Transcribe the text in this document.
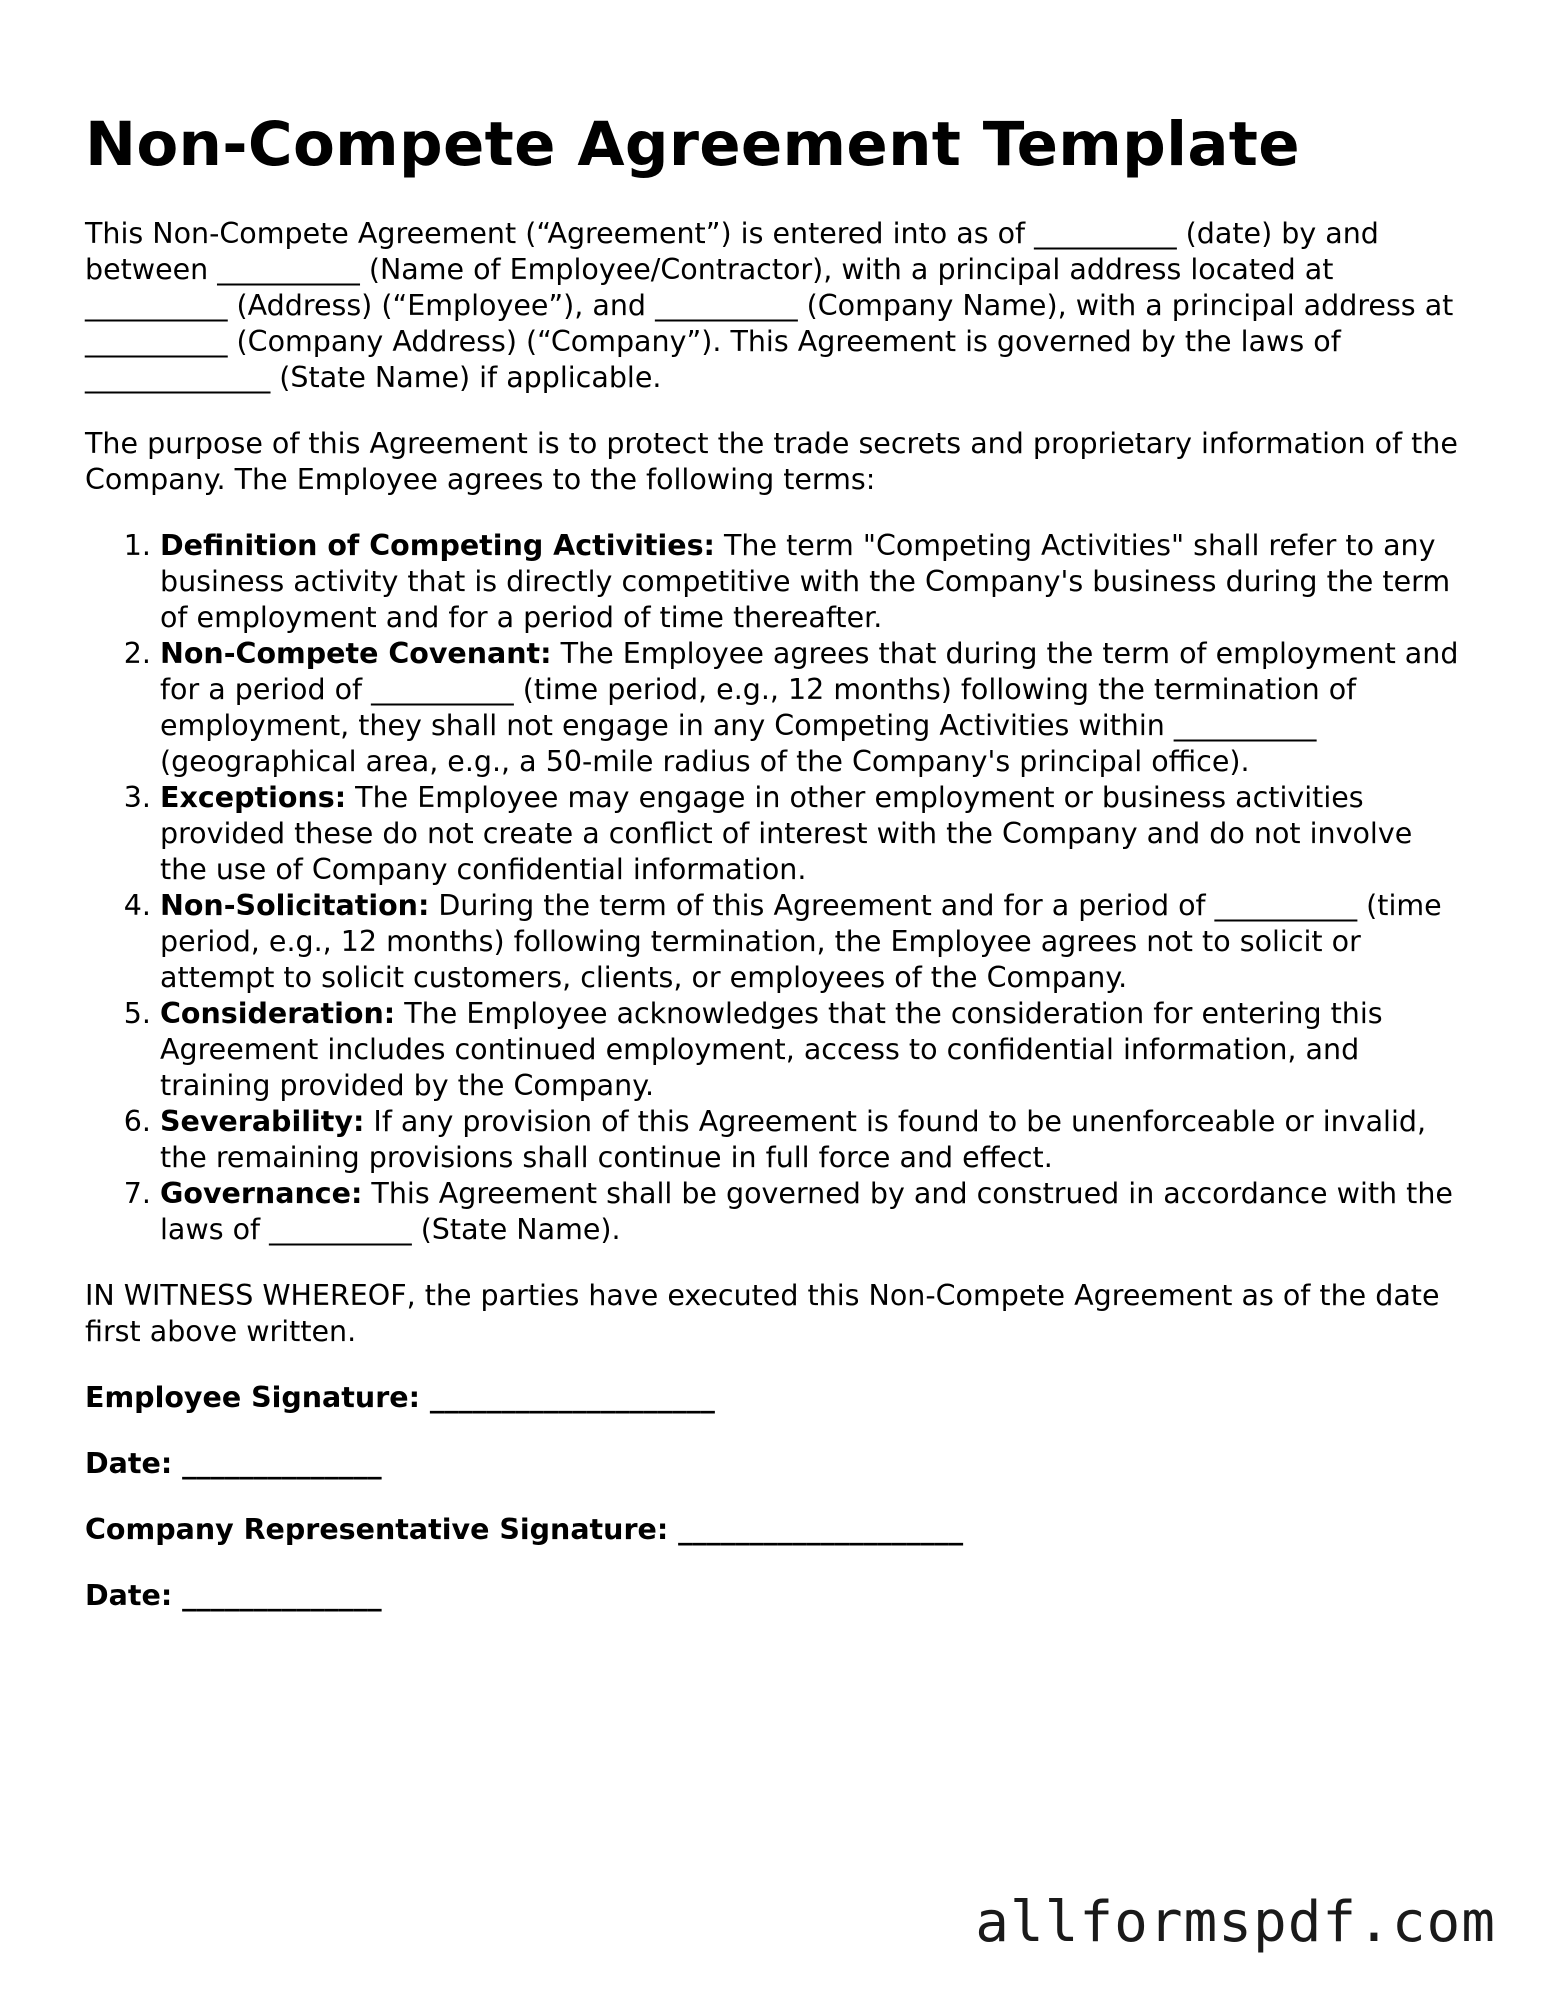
Non-Compete Agreement Template

This Non-Compete Agreement (“Agreement”) is entered into as of __________ (date) by and between __________ (Name of Employee/Contractor), with a principal address located at __________ (Address) (“Employee”), and __________ (Company Name), with a principal address at __________ (Company Address) (“Company”). This Agreement is governed by the laws of _____________ (State Name) if applicable.

The purpose of this Agreement is to protect the trade secrets and proprietary information of the Company. The Employee agrees to the following terms:

1. Definition of Competing Activities: The term "Competing Activities" shall refer to any business activity that is directly competitive with the Company's business during the term of employment and for a period of time thereafter.
2. Non-Compete Covenant: The Employee agrees that during the term of employment and for a period of __________ (time period, e.g., 12 months) following the termination of employment, they shall not engage in any Competing Activities within __________ (geographical area, e.g., a 50-mile radius of the Company's principal office).
3. Exceptions: The Employee may engage in other employment or business activities provided these do not create a conflict of interest with the Company and do not involve the use of Company confidential information.
4. Non-Solicitation: During the term of this Agreement and for a period of __________ (time period, e.g., 12 months) following termination, the Employee agrees not to solicit or attempt to solicit customers, clients, or employees of the Company.
5. Consideration: The Employee acknowledges that the consideration for entering this Agreement includes continued employment, access to confidential information, and training provided by the Company.
6. Severability: If any provision of this Agreement is found to be unenforceable or invalid, the remaining provisions shall continue in full force and effect.
7. Governance: This Agreement shall be governed by and construed in accordance with the laws of __________ (State Name).

IN WITNESS WHEREOF, the parties have executed this Non-Compete Agreement as of the date first above written.

Employee Signature: ____________________
Date: ______________
Company Representative Signature: ____________________
Date: ______________
allformspdf.com
